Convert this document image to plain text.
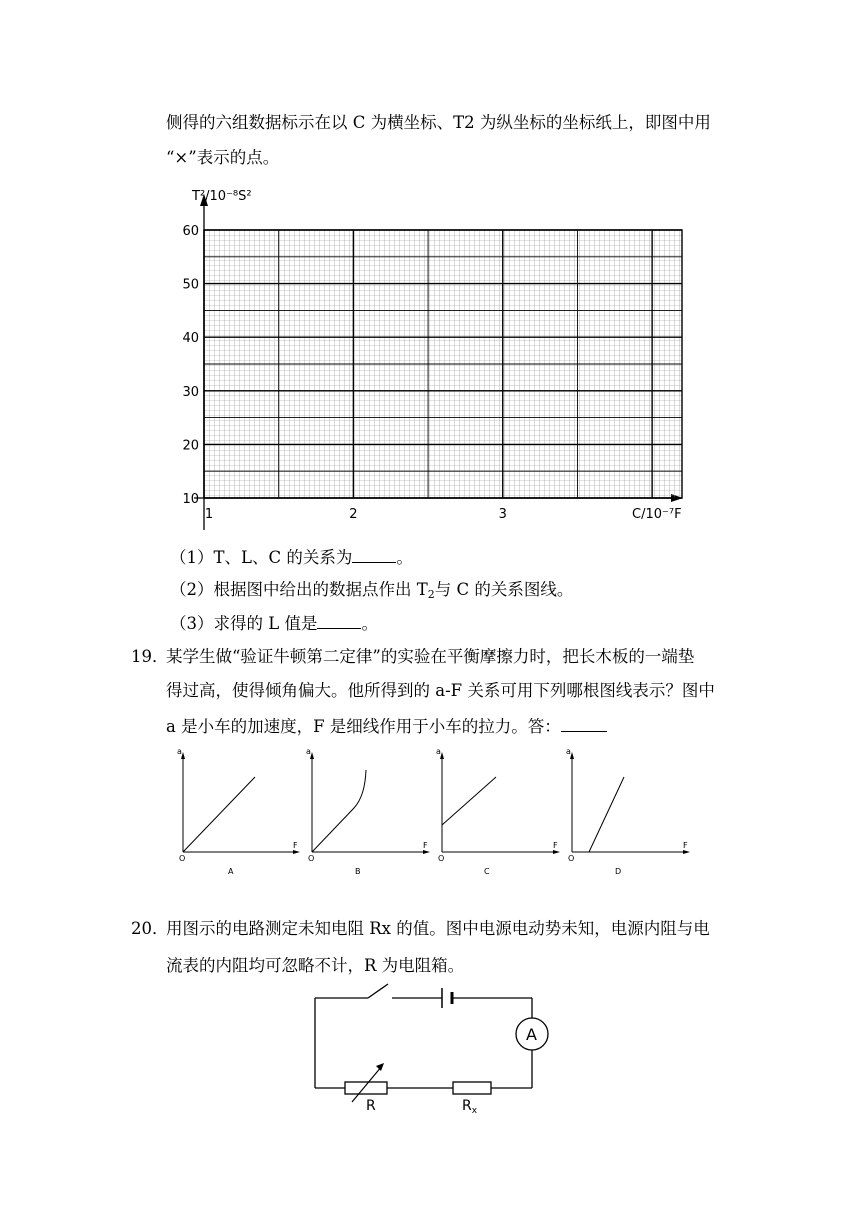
侧得的六组数据标示在以 C 为横坐标、T2 为纵坐标的坐标纸上，即图中用
“×”表示的点。
10
20
30
40
50
60
1	2	3
T²/10⁻⁸S²
C/10⁻⁷F
（1）T、L、C 的关系为	。
（2）根据图中给出的数据点作出 $T_2$与 C 的关系图线。
（3）求得的 L 值是	。
19．
某学生做“验证牛顿第二定律”的实验在平衡摩擦力时，把长木板的一端垫
得过高，使得倾角偏大。他所得到的 a-F 关系可用下列哪根图线表示？图中
a 是小车的加速度，F 是细线作用于小车的拉力。答：
a
F
O
A
a
F
O
B
a
F
O
C
a
F
O
D
20．
用图示的电路测定未知电阻 Rx 的值。图中电源电动势未知，电源内阻与电
流表的内阻均可忽略不计，R 为电阻箱。
A
R	$R_x$
